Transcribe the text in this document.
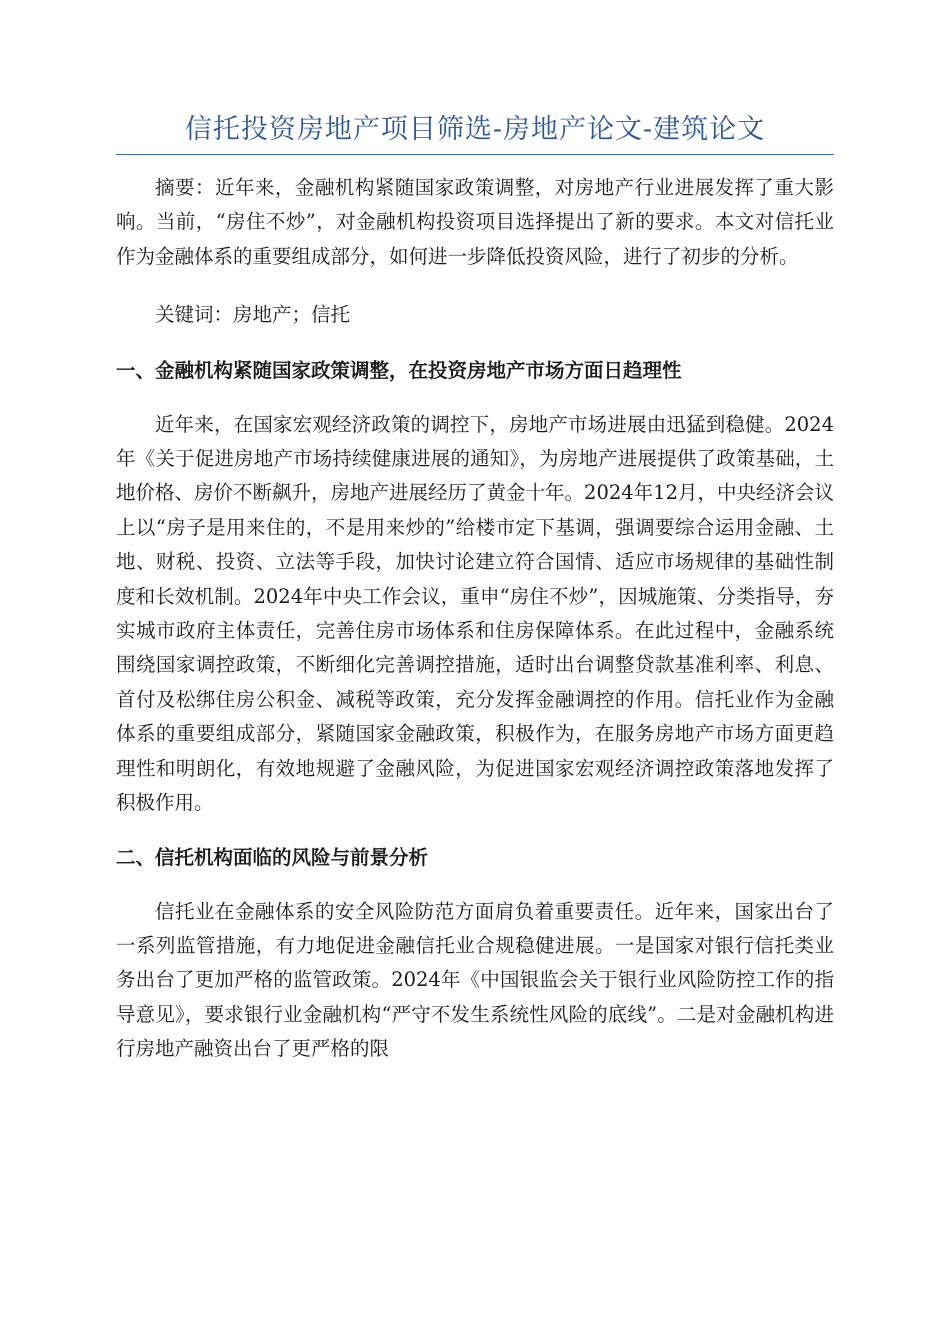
信托投资房地产项目筛选-房地产论文-建筑论文

摘要：近年来，金融机构紧随国家政策调整，对房地产行业进展发挥了重大影响。当前，“房住不炒”，对金融机构投资项目选择提出了新的要求。本文对信托业作为金融体系的重要组成部分，如何进一步降低投资风险，进行了初步的分析。

关键词：房地产；信托

一、金融机构紧随国家政策调整，在投资房地产市场方面日趋理性

近年来，在国家宏观经济政策的调控下，房地产市场进展由迅猛到稳健。2024年《关于促进房地产市场持续健康进展的通知》，为房地产进展提供了政策基础，土地价格、房价不断飙升，房地产进展经历了黄金十年。2024年12月，中央经济会议上以“房子是用来住的，不是用来炒的”给楼市定下基调，强调要综合运用金融、土地、财税、投资、立法等手段，加快讨论建立符合国情、适应市场规律的基础性制度和长效机制。2024年中央工作会议，重申“房住不炒”，因城施策、分类指导，夯实城市政府主体责任，完善住房市场体系和住房保障体系。在此过程中，金融系统围绕国家调控政策，不断细化完善调控措施，适时出台调整贷款基准利率、利息、首付及松绑住房公积金、减税等政策，充分发挥金融调控的作用。信托业作为金融体系的重要组成部分，紧随国家金融政策，积极作为，在服务房地产市场方面更趋理性和明朗化，有效地规避了金融风险，为促进国家宏观经济调控政策落地发挥了积极作用。

二、信托机构面临的风险与前景分析

信托业在金融体系的安全风险防范方面肩负着重要责任。近年来，国家出台了一系列监管措施，有力地促进金融信托业合规稳健进展。一是国家对银行信托类业务出台了更加严格的监管政策。2024年《中国银监会关于银行业风险防控工作的指导意见》，要求银行业金融机构“严守不发生系统性风险的底线”。二是对金融机构进行房地产融资出台了更严格的限
